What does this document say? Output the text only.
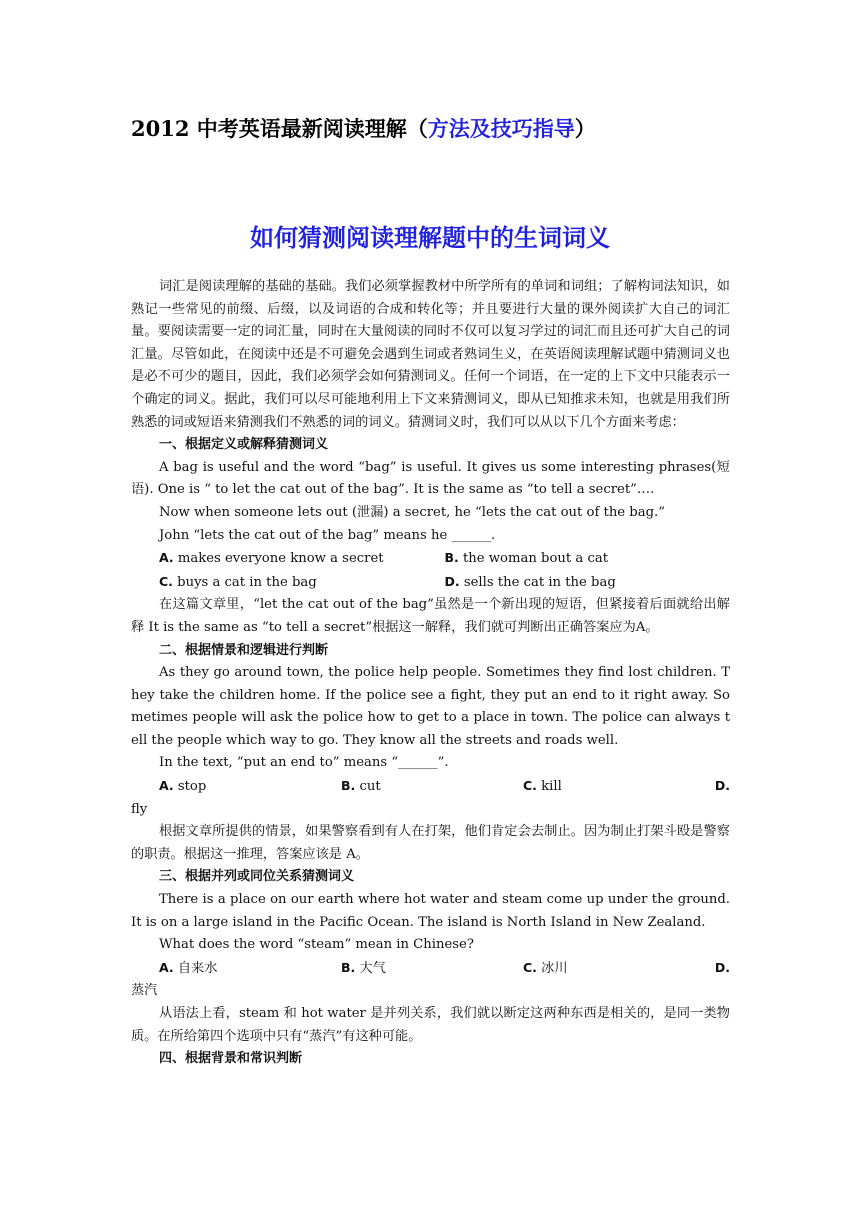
2012 中考英语最新阅读理解（方法及技巧指导）
如何猜测阅读理解题中的生词词义

词汇是阅读理解的基础的基础。我们必须掌握教材中所学所有的单词和词组；了解构词法知识，如熟记一些常见的前缀、后缀，以及词语的合成和转化等；并且要进行大量的课外阅读扩大自己的词汇量。要阅读需要一定的词汇量，同时在大量阅读的同时不仅可以复习学过的词汇而且还可扩大自己的词汇量。尽管如此，在阅读中还是不可避免会遇到生词或者熟词生义，在英语阅读理解试题中猜测词义也是必不可少的题目，因此，我们必须学会如何猜测词义。任何一个词语，在一定的上下文中只能表示一个确定的词义。据此，我们可以尽可能地利用上下文来猜测词义，即从已知推求未知，也就是用我们所熟悉的词或短语来猜测我们不熟悉的词的词义。猜测词义时，我们可以从以下几个方面来考虑：

一、根据定义或解释猜测词义

A bag is useful and the word “bag” is useful. It gives us some interesting phrases(短语). One is “ to let the cat out of the bag”. It is the same as “to tell a secret”….

Now when someone lets out (泄漏) a secret, he “lets the cat out of the bag.”

John “lets the cat out of the bag” means he ______.

A. makes everyone know a secret	B. the woman bout a cat
C. buys a cat in the bag	D. sells the cat in the bag

在这篇文章里，“let the cat out of the bag”虽然是一个新出现的短语，但紧接着后面就给出解释 It is the same as “to tell a secret”根据这一解释，我们就可判断出正确答案应为A。

二、根据情景和逻辑进行判断

As they go around town, the police help people. Sometimes they find lost children. They take the children home. If the police see a fight, they put an end to it right away. Sometimes people will ask the police how to get to a place in town. The police can always tell the people which way to go. They know all the streets and roads well.

In the text, “put an end to” means “______”.

A. stop	B. cut	C. kill	D.

fly

根据文章所提供的情景，如果警察看到有人在打架，他们肯定会去制止。因为制止打架斗殴是警察的职责。根据这一推理，答案应该是 A。

三、根据并列或同位关系猜测词义

There is a place on our earth where hot water and steam come up under the ground. It is on a large island in the Pacific Ocean. The island is North Island in New Zealand.

What does the word “steam” mean in Chinese?

A. 自来水	B. 大气	C. 冰川	D.

蒸汽

从语法上看，steam 和 hot water 是并列关系，我们就以断定这两种东西是相关的，是同一类物质。在所给第四个选项中只有“蒸汽”有这种可能。

四、根据背景和常识判断
